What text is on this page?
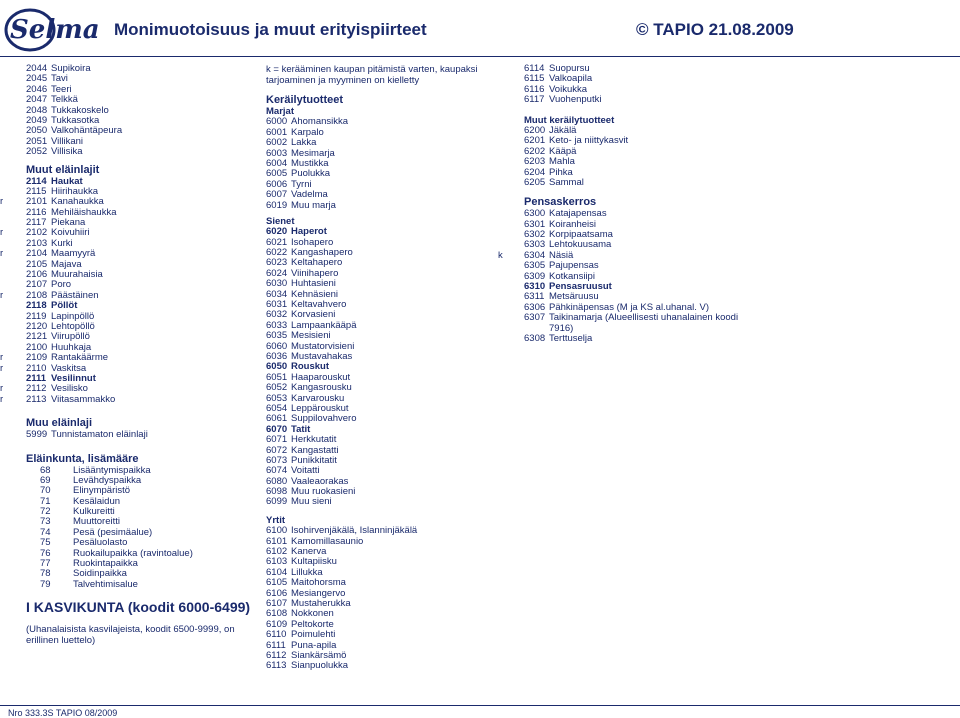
Selma Monimuotoisuus ja muut erityispiirteet	© TAPIO 21.08.2009
2044 Supikoira
2045 Tavi
2046 Teeri
2047 Telkkä
2048 Tukkakoskelo
2049 Tukkasotka
2050 Valkohäntäpeura
2051 Villikani
2052 Villisika
Muut eläinlajit
2114 Haukat
2115 Hiirihaukka
r 2101 Kanahaukka
2116 Mehiläishaukka
2117 Piekana
r 2102 Koivuhiiri
2103 Kurki
r 2104 Maamyyrä
2105 Majava
2106 Muurahaisia
2107 Poro
r 2108 Päästäinen
2118 Pöllöt
2119 Lapinpöllö
2120 Lehtopöllö
2121 Viirupöllö
2100 Huuhkaja
r 2109 Rantakäärme
r 2110 Vaskitsa
2111 Vesilinnut
r 2112 Vesilisko
r 2113 Viitasammakko
Muu eläinlaji
5999 Tunnistamaton eläinlaji
Eläinkunta, lisämääre
68 Lisääntymispaikka
69 Levähdyspaikka
70 Elinympäristö
71 Kesälaidun
72 Kulkureitti
73 Muuttoreitti
74 Pesä (pesimäalue)
75 Pesäluolasto
76 Ruokailupaikka (ravintoalue)
77 Ruokintapaikka
78 Soidinpaikka
79 Talvehtimisalue
I KASVIKUNTA (koodit 6000-6499)
(Uhanalaisista kasvilajeista, koodit 6500-9999, on erillinen luettelo)
k = kerääminen kaupan pitämistä varten, kaupaksi tarjoaminen ja myyminen on kielletty
Keräilytuotteet
Marjat
6000 Ahomansikka
6001 Karpalo
6002 Lakka
6003 Mesimarja
6004 Mustikka
6005 Puolukka
6006 Tyrni
6007 Vadelma
6019 Muu marja
Sienet
6020 Haperot
6021 Isohapero
6022 Kangashapero
6023 Keltahapero
6024 Viinihapero
6030 Huhtasieni
6034 Kehnäsieni
6031 Keltavahvero
6032 Korvasieni
6033 Lampaankääpä
6035 Mesisieni
6060 Mustatorvisieni
6036 Mustavahakas
6050 Rouskut
6051 Haaparouskut
6052 Kangasrousku
6053 Karvarousku
6054 Leppärouskut
6061 Suppilovahvero
6070 Tatit
6071 Herkkutatit
6072 Kangastatti
6073 Punikkitatit
6074 Voitatti
6080 Vaaleaorakas
6098 Muu ruokasieni
6099 Muu sieni
Yrtit
6100 Isohirvenjäkälä, Islanninjäkälä
6101 Kamomillasaunio
6102 Kanerva
6103 Kultapiisku
6104 Lillukka
6105 Maitohorsma
6106 Mesiangervo
6107 Mustaherukka
6108 Nokkonen
6109 Peltokorte
6110 Poimulehti
6111 Puna-apila
6112 Siankärsämö
6113 Sianpuolukka
6114 Suopursu
6115 Valkoapila
6116 Voikukka
6117 Vuohenputki
Muut keräilytuotteet
6200 Jäkälä
6201 Keto- ja niittykasvit
6202 Kääpä
6203 Mahla
6204 Pihka
6205 Sammal
Pensaskerros
6300 Katajapensas
6301 Koiranheisi
6302 Korpipaatsama
6303 Lehtokuusama
k 6304 Näsiä
6305 Pajupensas
6309 Kotkansiipi
6310 Pensasruusut
6311 Metsäruusu
6306 Pähkinäpensas (M ja KS al.uhanal. V)
6307 Taikinamarja (Alueellisesti uhanalainen koodi
7916)
6308 Terttuselja
Nro 333.3S TAPIO 08/2009
